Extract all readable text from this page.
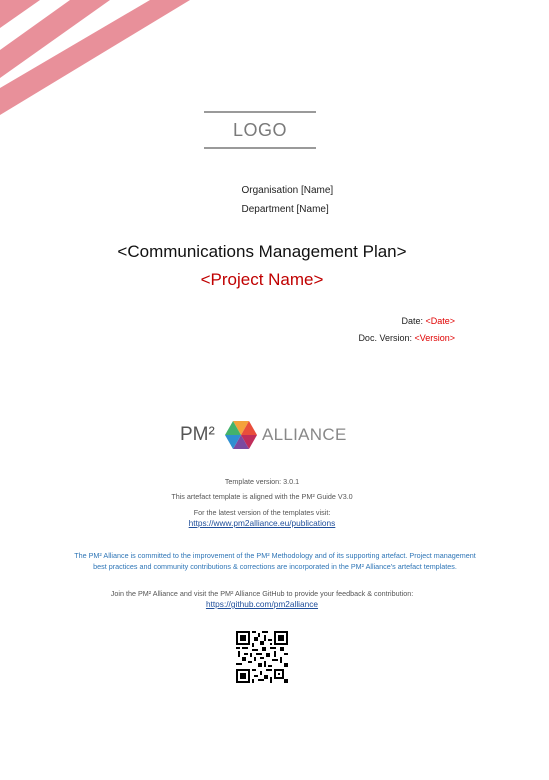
LOGO
Organisation [Name]
Department [Name]
<Communications Management Plan>
<Project Name>
Date: <Date>
Doc. Version: <Version>
PM²	ALLIANCE
Template version: 3.0.1
This artefact template is aligned with the PM² Guide V3.0
For the latest version of the templates visit:
https://www.pm2alliance.eu/publications
The PM² Alliance is committed to the improvement of the PM² Methodology and of its supporting artefact. Project management best practices and community contributions & corrections are incorporated in the PM² Alliance's artefact templates.
Join the PM² Alliance and visit the PM² Alliance GitHub to provide your feedback & contribution:
https://github.com/pm2alliance
